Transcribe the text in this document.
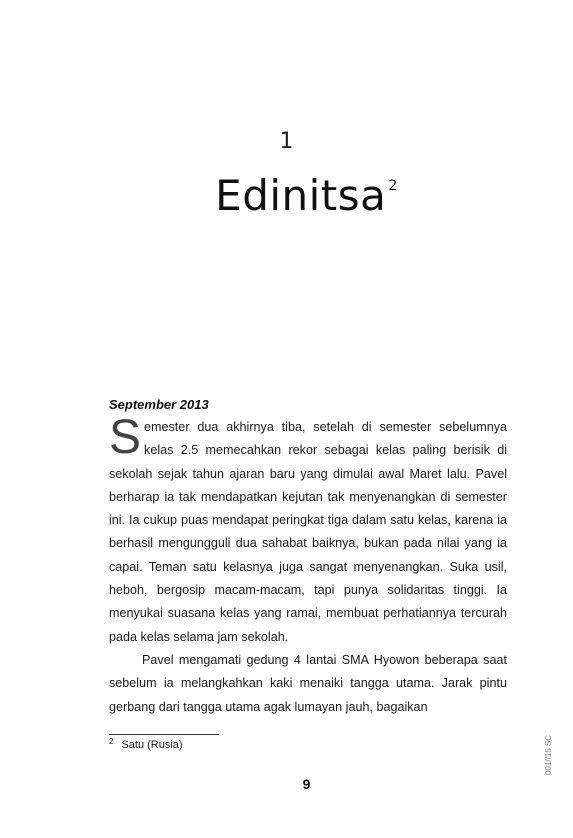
1
Edinitsa $^2$
September 2013

Semester dua akhirnya tiba, setelah di semester sebelumnya kelas 2.5 memecahkan rekor sebagai kelas paling berisik di sekolah sejak tahun ajaran baru yang dimulai awal Maret lalu. Pavel berharap ia tak mendapatkan kejutan tak menyenangkan di semester ini. Ia cukup puas mendapat peringkat tiga dalam satu kelas, karena ia berhasil mengungguli dua sahabat baiknya, bukan pada nilai yang ia capai. Teman satu kelasnya juga sangat menyenangkan. Suka usil, heboh, bergosip macam-macam, tapi punya solidaritas tinggi. Ia menyukai suasana kelas yang ramai, membuat perhatiannya tercurah pada kelas selama jam sekolah.

Pavel mengamati gedung 4 lantai SMA Hyowon beberapa saat sebelum ia melangkahkan kaki menaiki tangga utama. Jarak pintu gerbang dari tangga utama agak lumayan jauh, bagaikan

$^2$ Satu (Rusia)
9
001//15 SC
